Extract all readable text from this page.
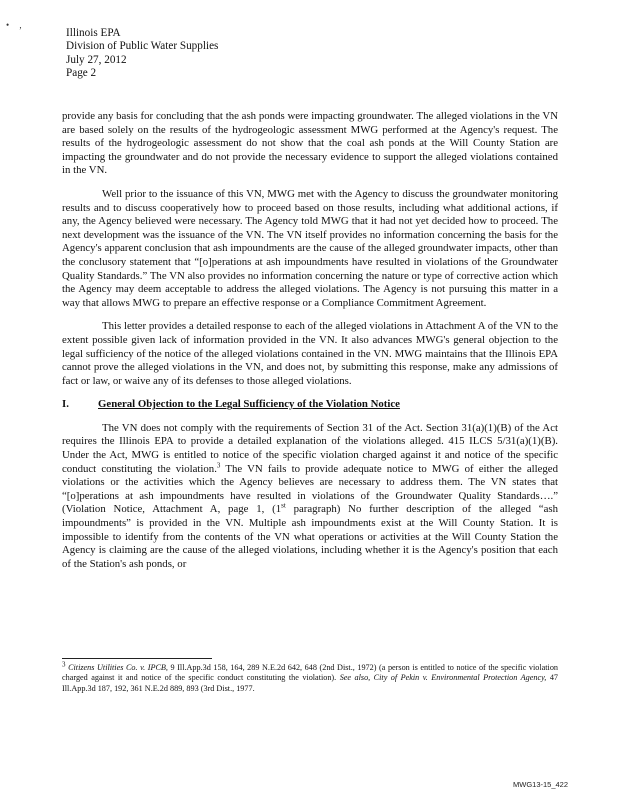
• ,
Illinois EPA
Division of Public Water Supplies
July 27, 2012
Page 2

provide any basis for concluding that the ash ponds were impacting groundwater. The alleged violations in the VN are based solely on the results of the hydrogeologic assessment MWG performed at the Agency's request. The results of the hydrogeologic assessment do not show that the coal ash ponds at the Will County Station are impacting the groundwater and do not provide the necessary evidence to support the alleged violations contained in the VN.

Well prior to the issuance of this VN, MWG met with the Agency to discuss the groundwater monitoring results and to discuss cooperatively how to proceed based on those results, including what additional actions, if any, the Agency believed were necessary. The Agency told MWG that it had not yet decided how to proceed. The next development was the issuance of the VN. The VN itself provides no information concerning the basis for the Agency's apparent conclusion that ash impoundments are the cause of the alleged groundwater impacts, other than the conclusory statement that “[o]perations at ash impoundments have resulted in violations of the Groundwater Quality Standards.” The VN also provides no information concerning the nature or type of corrective action which the Agency may deem acceptable to address the alleged violations. The Agency is not pursuing this matter in a way that allows MWG to prepare an effective response or a Compliance Commitment Agreement.

This letter provides a detailed response to each of the alleged violations in Attachment A of the VN to the extent possible given lack of information provided in the VN. It also advances MWG's general objection to the legal sufficiency of the notice of the alleged violations contained in the VN. MWG maintains that the Illinois EPA cannot prove the alleged violations in the VN, and does not, by submitting this response, make any admissions of fact or law, or waive any of its defenses to those alleged violations.

I.	General Objection to the Legal Sufficiency of the Violation Notice

The VN does not comply with the requirements of Section 31 of the Act. Section 31(a)(1)(B) of the Act requires the Illinois EPA to provide a detailed explanation of the violations alleged. 415 ILCS 5/31(a)(1)(B). Under the Act, MWG is entitled to notice of the specific violation charged against it and notice of the specific conduct constituting the violation.$^3$ The VN fails to provide adequate notice to MWG of either the alleged violations or the activities which the Agency believes are necessary to address them. The VN states that “[o]perations at ash impoundments have resulted in violations of the Groundwater Quality Standards….” (Violation Notice, Attachment A, page 1, (1st paragraph) No further description of the alleged “ash impoundments” is provided in the VN. Multiple ash impoundments exist at the Will County Station. It is impossible to identify from the contents of the VN what operations or activities at the Will County Station the Agency is claiming are the cause of the alleged violations, including whether it is the Agency's position that each of the Station's ash ponds, or

$^3$ Citizens Utilities Co. v. IPCB, 9 Ill.App.3d 158, 164, 289 N.E.2d 642, 648 (2nd Dist., 1972) (a person is entitled to notice of the specific violation charged against it and notice of the specific conduct constituting the violation). See also, City of Pekin v. Environmental Protection Agency, 47 Ill.App.3d 187, 192, 361 N.E.2d 889, 893 (3rd Dist., 1977.
MWG13-15_422
